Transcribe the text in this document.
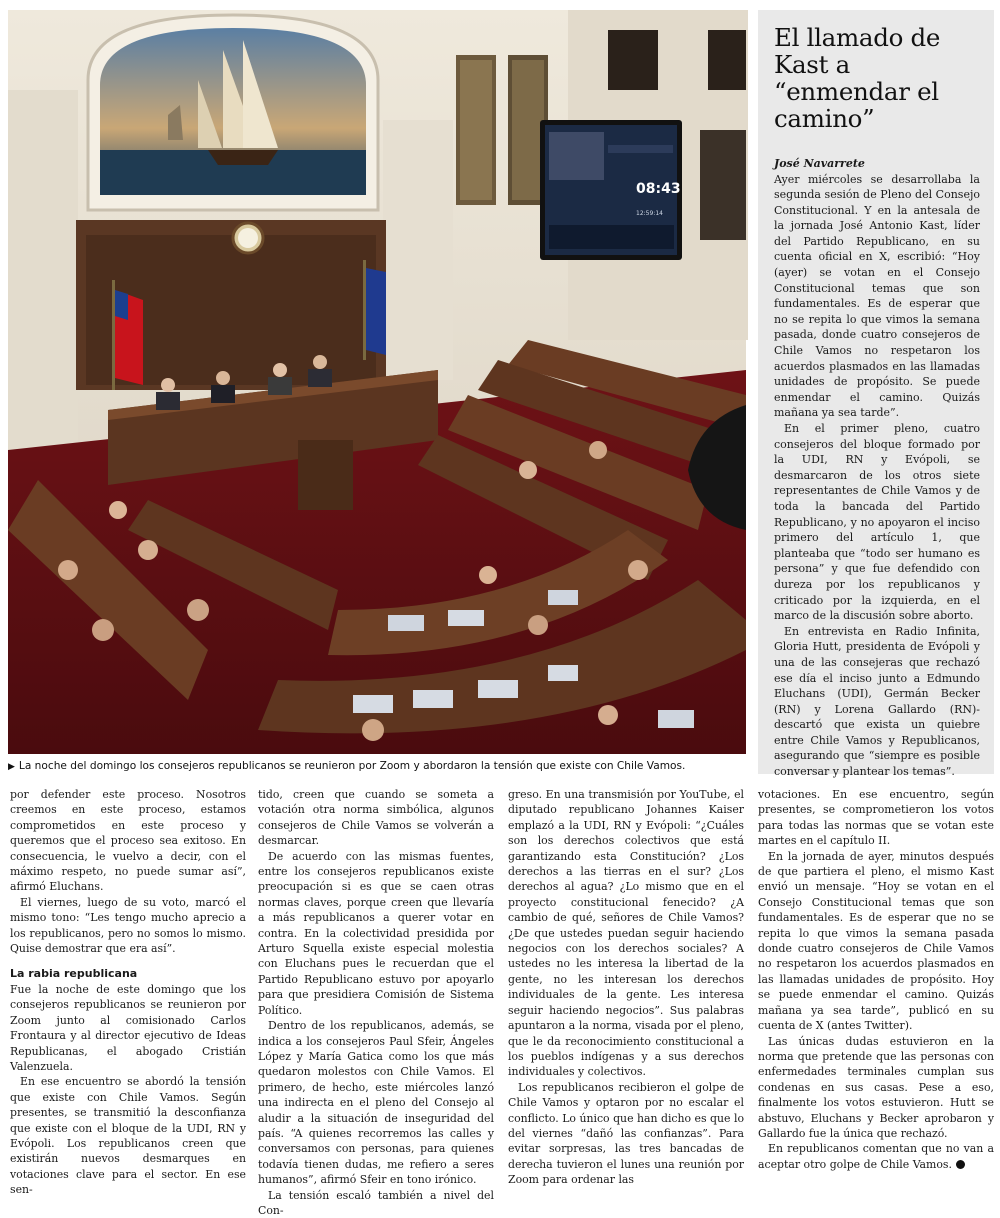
08:43
12:59:14
El llamado de Kast a “enmendar el camino”
José Navarrete

Ayer miércoles se desarrollaba la segunda sesión de Pleno del Consejo Constitucional. Y en la antesala de la jornada José Antonio Kast, líder del Partido Republicano, en su cuenta oficial en X, escribió: “Hoy (ayer) se votan en el Consejo Constitucional temas que son fundamentales. Es de esperar que no se repita lo que vimos la semana pasada, donde cuatro consejeros de Chile Vamos no respetaron los acuerdos plasmados en las llamadas unidades de propósito. Se puede enmendar el camino. Quizás mañana ya sea tarde”.

En el primer pleno, cuatro consejeros del bloque formado por la UDI, RN y Evópoli, se desmarcaron de los otros siete representantes de Chile Vamos y de toda la bancada del Partido Republicano, y no apoyaron el inciso primero del artículo 1, que planteaba que “todo ser humano es persona” y que fue defendido con dureza por los republicanos y criticado por la izquierda, en el marco de la discusión sobre aborto.

En entrevista en Radio Infinita, Gloria Hutt, presidenta de Evópoli y una de las consejeras que rechazó ese día el inciso junto a Edmundo Eluchans (UDI), Germán Becker (RN) y Lorena Gallardo (RN)- descartó que exista un quiebre entre Chile Vamos y Republicanos, asegurando que “siempre es posible conversar y plantear los temas”.

▶ La noche del domingo los consejeros republicanos se reunieron por Zoom y abordaron la tensión que existe con Chile Vamos.

por defender este proceso. Nosotros creemos en este proceso, estamos comprometidos en este proceso y queremos que el proceso sea exitoso. En consecuencia, le vuelvo a decir, con el máximo respeto, no puede sumar así”, afirmó Eluchans.

El viernes, luego de su voto, marcó el mismo tono: “Les tengo mucho aprecio a los republicanos, pero no somos lo mismo. Quise demostrar que era así”.

La rabia republicana

Fue la noche de este domingo que los consejeros republicanos se reunieron por Zoom junto al comisionado Carlos Frontaura y al director ejecutivo de Ideas Republicanas, el abogado Cristián Valenzuela.

En ese encuentro se abordó la tensión que existe con Chile Vamos. Según presentes, se transmitió la desconfianza que existe con el bloque de la UDI, RN y Evópoli. Los republicanos creen que existirán nuevos desmarques en votaciones clave para el sector. En ese sen-

tido, creen que cuando se someta a votación otra norma simbólica, algunos consejeros de Chile Vamos se volverán a desmarcar.

De acuerdo con las mismas fuentes, entre los consejeros republicanos existe preocupación si es que se caen otras normas claves, porque creen que llevaría a más republicanos a querer votar en contra. En la colectividad presidida por Arturo Squella existe especial molestia con Eluchans pues le recuerdan que el Partido Republicano estuvo por apoyarlo para que presidiera Comisión de Sistema Político.

Dentro de los republicanos, además, se indica a los consejeros Paul Sfeir, Ángeles López y María Gatica como los que más quedaron molestos con Chile Vamos. El primero, de hecho, este miércoles lanzó una indirecta en el pleno del Consejo al aludir a la situación de inseguridad del país. “A quienes recorremos las calles y conversamos con personas, para quienes todavía tienen dudas, me refiero a seres humanos”, afirmó Sfeir en tono irónico.

La tensión escaló también a nivel del Con-

greso. En una transmisión por YouTube, el diputado republicano Johannes Kaiser emplazó a la UDI, RN y Evópoli: “¿Cuáles son los derechos colectivos que está garantizando esta Constitución? ¿Los derechos a las tierras en el sur? ¿Los derechos al agua? ¿Lo mismo que en el proyecto constitucional fenecido? ¿A cambio de qué, señores de Chile Vamos? ¿De que ustedes puedan seguir haciendo negocios con los derechos sociales? A ustedes no les interesa la libertad de la gente, no les interesan los derechos individuales de la gente. Les interesa seguir haciendo negocios”. Sus palabras apuntaron a la norma, visada por el pleno, que le da reconocimiento constitucional a los pueblos indígenas y a sus derechos individuales y colectivos.

Los republicanos recibieron el golpe de Chile Vamos y optaron por no escalar el conflicto. Lo único que han dicho es que lo del viernes “dañó las confianzas”. Para evitar sorpresas, las tres bancadas de derecha tuvieron el lunes una reunión por Zoom para ordenar las

votaciones. En ese encuentro, según presentes, se comprometieron los votos para todas las normas que se votan este martes en el capítulo II.

En la jornada de ayer, minutos después de que partiera el pleno, el mismo Kast envió un mensaje. “Hoy se votan en el Consejo Constitucional temas que son fundamentales. Es de esperar que no se repita lo que vimos la semana pasada donde cuatro consejeros de Chile Vamos no respetaron los acuerdos plasmados en las llamadas unidades de propósito. Hoy se puede enmendar el camino. Quizás mañana ya sea tarde”, publicó en su cuenta de X (antes Twitter).

Las únicas dudas estuvieron en la norma que pretende que las personas con enfermedades terminales cumplan sus condenas en sus casas. Pese a eso, finalmente los votos estuvieron. Hutt se abstuvo, Eluchans y Becker aprobaron y Gallardo fue la única que rechazó.

En republicanos comentan que no van a aceptar otro golpe de Chile Vamos.
